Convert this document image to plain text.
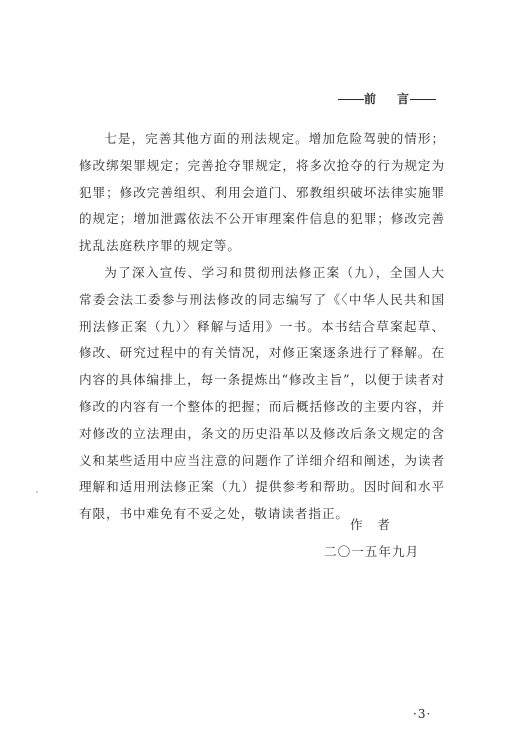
前 言

七是，完善其他方面的刑法规定。增加危险驾驶的情形；修改绑架罪规定；完善抢夺罪规定，将多次抢夺的行为规定为犯罪；修改完善组织、利用会道门、邪教组织破坏法律实施罪的规定；增加泄露依法不公开审理案件信息的犯罪；修改完善扰乱法庭秩序罪的规定等。

为了深入宣传、学习和贯彻刑法修正案（九），全国人大常委会法工委参与刑法修改的同志编写了《〈中华人民共和国刑法修正案（九）〉释解与适用》一书。本书结合草案起草、修改、研究过程中的有关情况，对修正案逐条进行了释解。在内容的具体编排上，每一条提炼出“修改主旨”，以便于读者对修改的内容有一个整体的把握；而后概括修改的主要内容，并对修改的立法理由，条文的历史沿革以及修改后条文规定的含义和某些适用中应当注意的问题作了详细介绍和阐述，为读者理解和适用刑法修正案（九）提供参考和帮助。因时间和水平有限，书中难免有不妥之处，敬请读者指正。

作　者
二〇一五年九月
·3·
